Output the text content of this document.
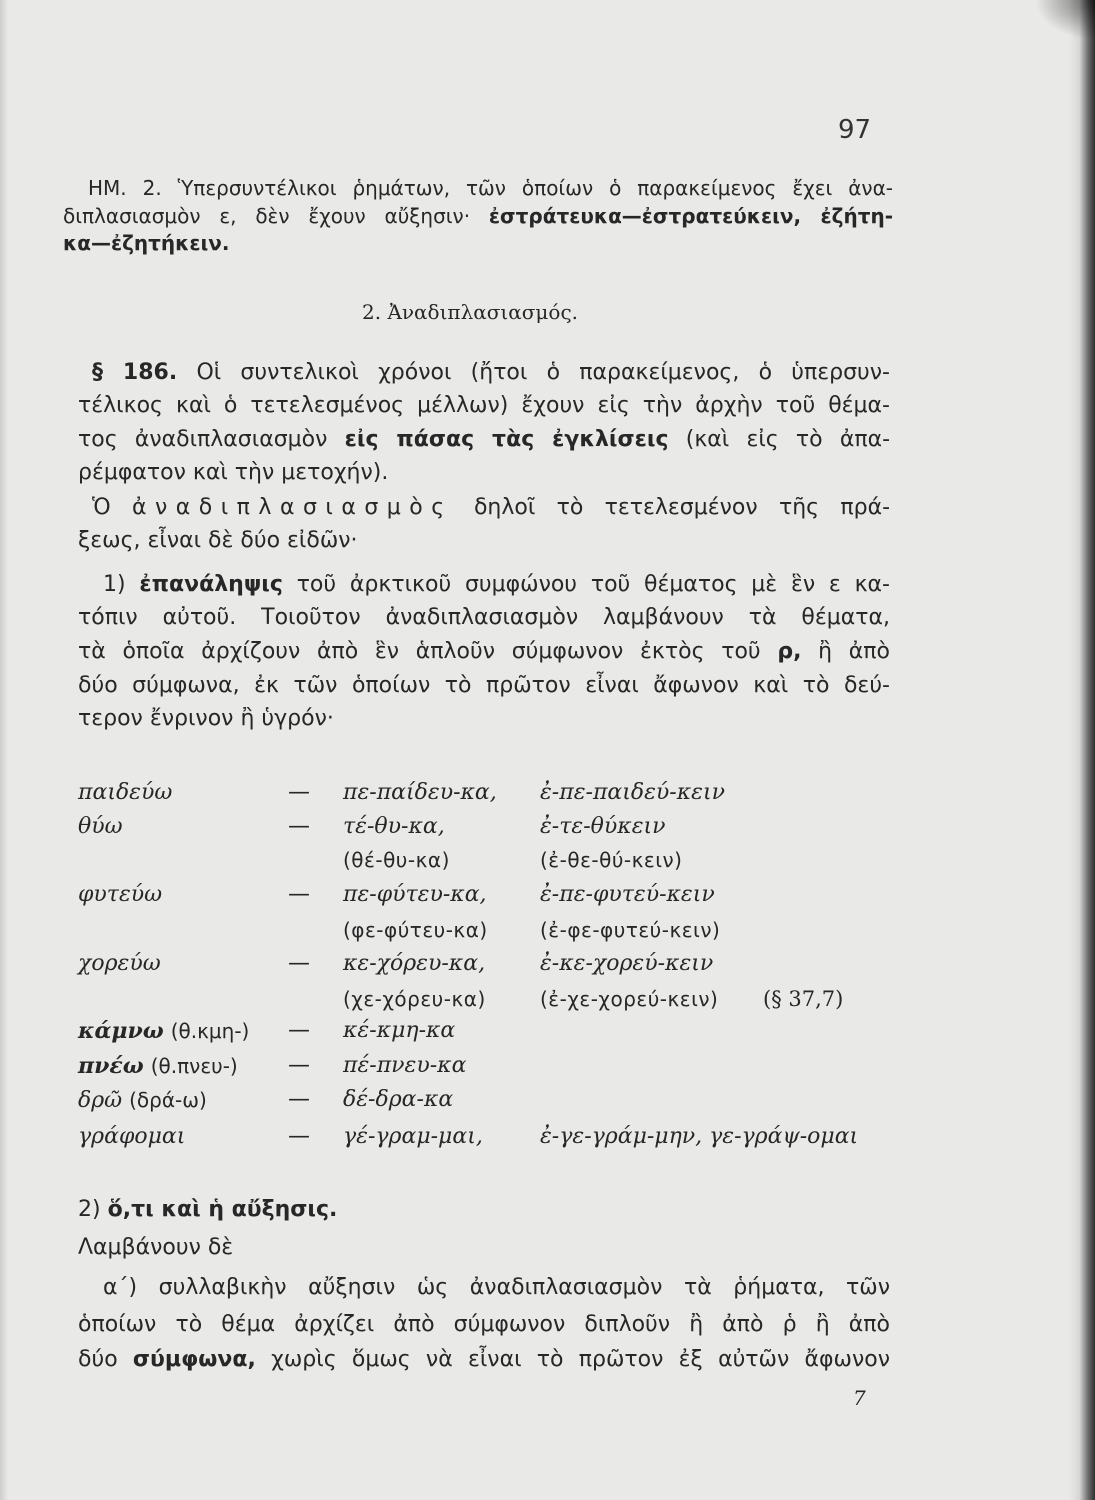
97
ΗΜ. 2. Ὑπερσυντέλικοι ῥημάτων, τῶν ὁποίων ὁ παρακείμενος ἔχει ἀνα-
διπλασιασμὸν ε, δὲν ἔχουν αὔξησιν· ἐστράτευκα—ἐστρατεύκειν, ἐζήτη-
κα—ἐζητήκειν.
2. Ἀναδιπλασιασμός.
§ 186. Οἱ συντελικοὶ χρόνοι (ἤτοι ὁ παρακείμενος, ὁ ὑπερσυν-
τέλικος καὶ ὁ τετελεσμένος μέλλων) ἔχουν εἰς τὴν ἀρχὴν τοῦ θέμα-
τος ἀναδιπλασιασμὸν εἰς πάσας τὰς ἐγκλίσεις (καὶ εἰς τὸ ἀπα-
ρέμφατον καὶ τὴν μετοχήν).
Ὁ ἀναδιπλασιασμὸς δηλοῖ τὸ τετελεσμένον τῆς πρά-
ξεως, εἶναι δὲ δύο εἰδῶν·
1) ἐπανάληψις τοῦ ἀρκτικοῦ συμφώνου τοῦ θέματος μὲ ἓν ε κα-
τόπιν αὐτοῦ. Τοιοῦτον ἀναδιπλασιασμὸν λαμβάνουν τὰ θέματα,
τὰ ὁποῖα ἀρχίζουν ἀπὸ ἓν ἁπλοῦν σύμφωνον ἐκτὸς τοῦ ρ, ἢ ἀπὸ
δύο σύμφωνα, ἐκ τῶν ὁποίων τὸ πρῶτον εἶναι ἄφωνον καὶ τὸ δεύ-
τερον ἔνρινον ἢ ὑγρόν·
παιδεύω	— πε-παίδευ-κα, ἐ-πε-παιδεύ-κειν
θύω	— τέ-θυ-κα,	ἐ-τε-θύκειν
(θέ-θυ-κα)	(ἐ-θε-θύ-κειν)
φυτεύω	— πε-φύτευ-κα, ἐ-πε-φυτεύ-κειν
(φε-φύτευ-κα)	(ἐ-φε-φυτεύ-κειν)
χορεύω	— κε-χόρευ-κα, ἐ-κε-χορεύ-κειν
(χε-χόρευ-κα)	(ἐ-χε-χορεύ-κειν) (§ 37,7)
κάμνω (θ.κμη-) — κέ-κμη-κα
πνέω (θ.πνευ-) — πέ-πνευ-κα
δρῶ (δρά-ω)	— δέ-δρα-κα
γράφομαι	— γέ-γραμ-μαι,	ἐ-γε-γράμ-μην, γε-γράψ-ομαι
2) ὅ,τι καὶ ἡ αὔξησις.
Λαμβάνουν δὲ
α΄) συλλαβικὴν αὔξησιν ὡς ἀναδιπλασιασμὸν τὰ ῥήματα, τῶν
ὁποίων τὸ θέμα ἀρχίζει ἀπὸ σύμφωνον διπλοῦν ἢ ἀπὸ ῥ ἢ ἀπὸ
δύο σύμφωνα, χωρὶς ὅμως νὰ εἶναι τὸ πρῶτον ἐξ αὐτῶν ἄφωνον
7
